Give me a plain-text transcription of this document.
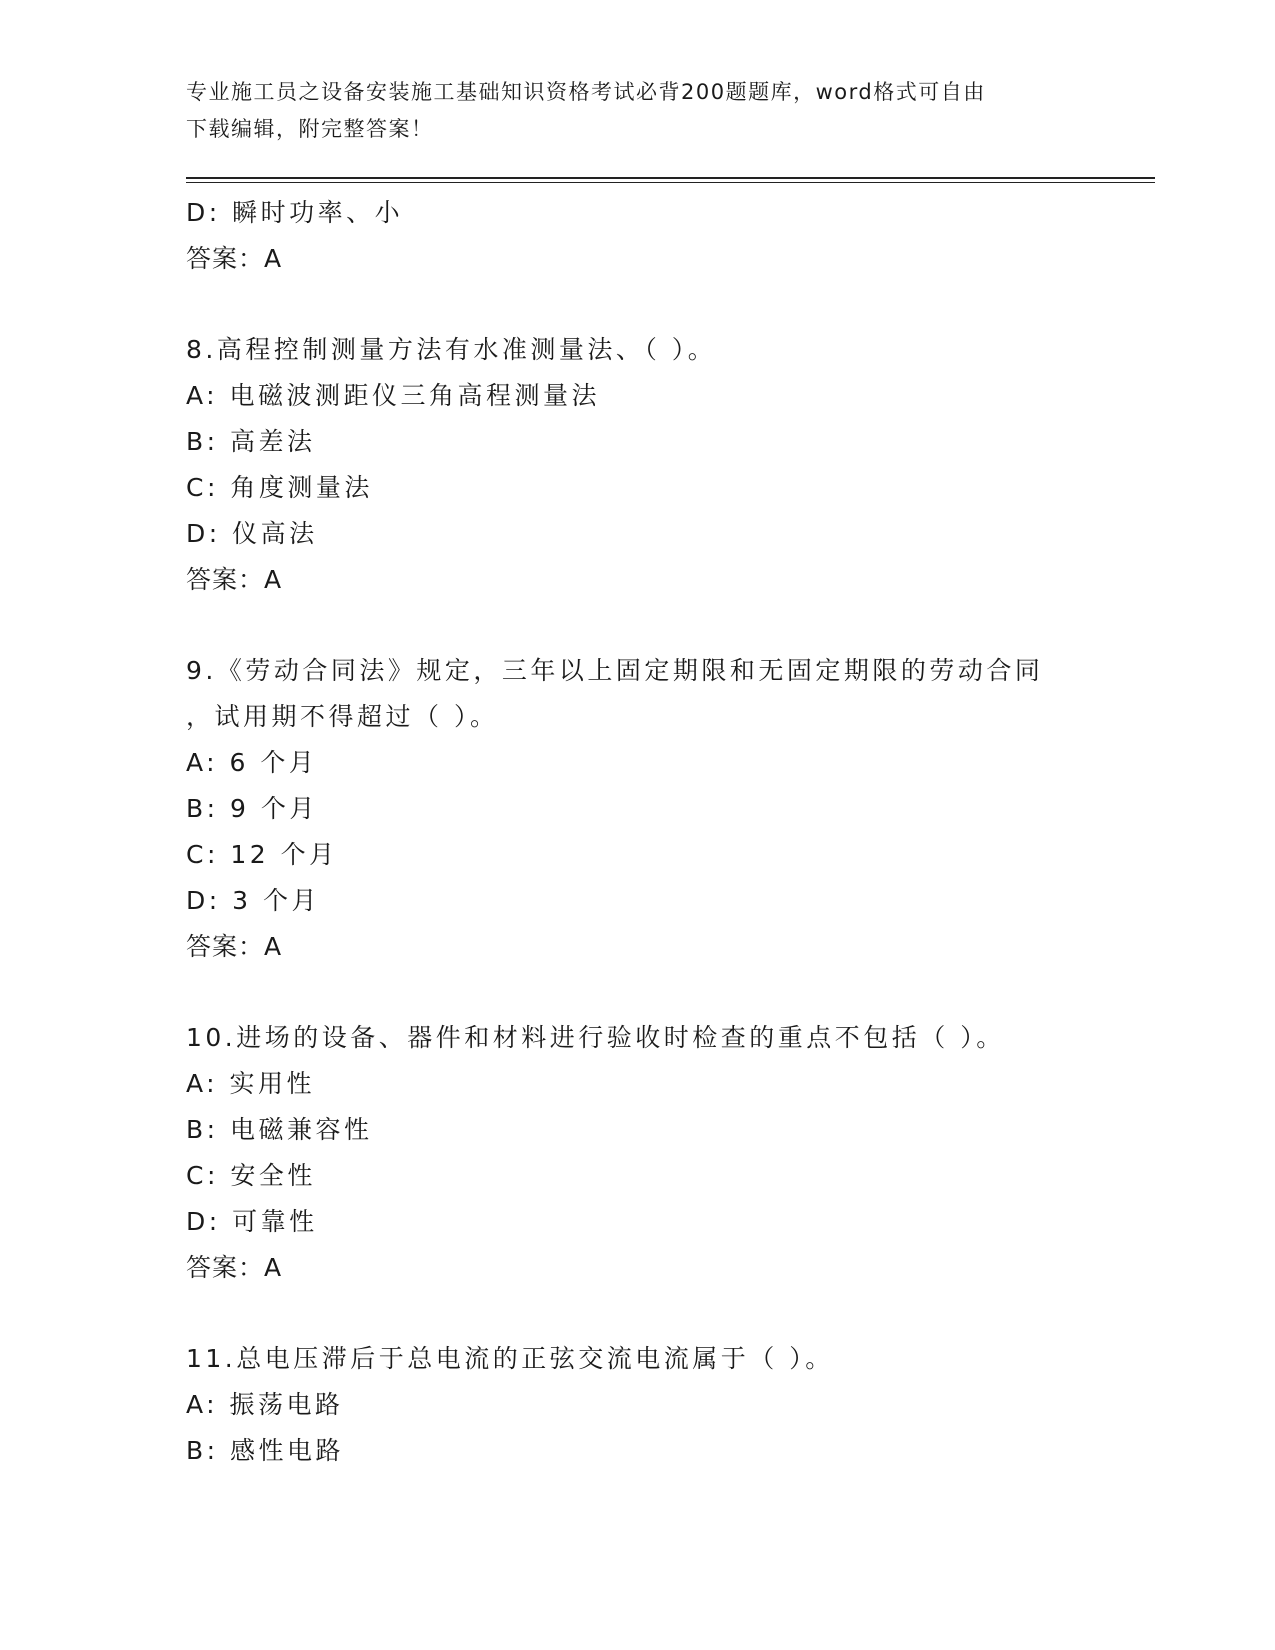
专业施工员之设备安装施工基础知识资格考试必背200题题库，word格式可自由
下载编辑，附完整答案！
D: 瞬时功率、小
答案：A
8.高程控制测量方法有水准测量法、（ ）。
A: 电磁波测距仪三角高程测量法
B: 高差法
C: 角度测量法
D: 仪高法
答案：A
9.《劳动合同法》规定，三年以上固定期限和无固定期限的劳动合同
，试用期不得超过（ ）。
A: 6 个月
B: 9 个月
C: 12 个月
D: 3 个月
答案：A
10.进场的设备、器件和材料进行验收时检查的重点不包括（ ）。
A: 实用性
B: 电磁兼容性
C: 安全性
D: 可靠性
答案：A
11.总电压滞后于总电流的正弦交流电流属于（ ）。
A: 振荡电路
B: 感性电路
